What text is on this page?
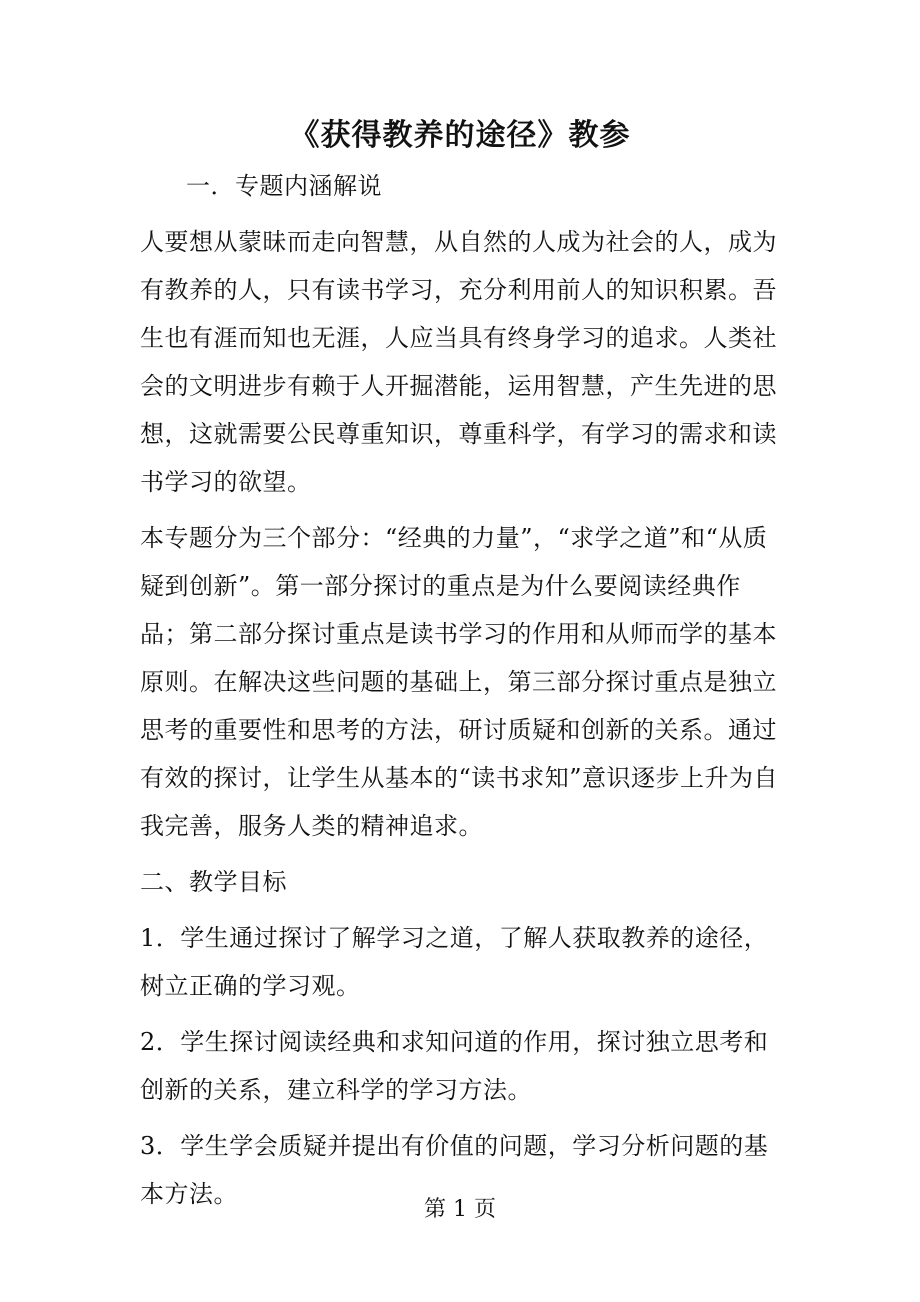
《获得教养的途径》教参

一．专题内涵解说

人要想从蒙昧而走向智慧，从自然的人成为社会的人，成为有教养的人，只有读书学习，充分利用前人的知识积累。吾生也有涯而知也无涯，人应当具有终身学习的追求。人类社会的文明进步有赖于人开掘潜能，运用智慧，产生先进的思想，这就需要公民尊重知识，尊重科学，有学习的需求和读书学习的欲望。

本专题分为三个部分：“经典的力量”，“求学之道”和“从质疑到创新”。第一部分探讨的重点是为什么要阅读经典作品；第二部分探讨重点是读书学习的作用和从师而学的基本原则。在解决这些问题的基础上，第三部分探讨重点是独立思考的重要性和思考的方法，研讨质疑和创新的关系。通过有效的探讨，让学生从基本的“读书求知”意识逐步上升为自我完善，服务人类的精神追求。

二、教学目标

1．学生通过探讨了解学习之道，了解人获取教养的途径，树立正确的学习观。

2．学生探讨阅读经典和求知问道的作用，探讨独立思考和创新的关系，建立科学的学习方法。

3．学生学会质疑并提出有价值的问题，学习分析问题的基本方法。

第 1 页
